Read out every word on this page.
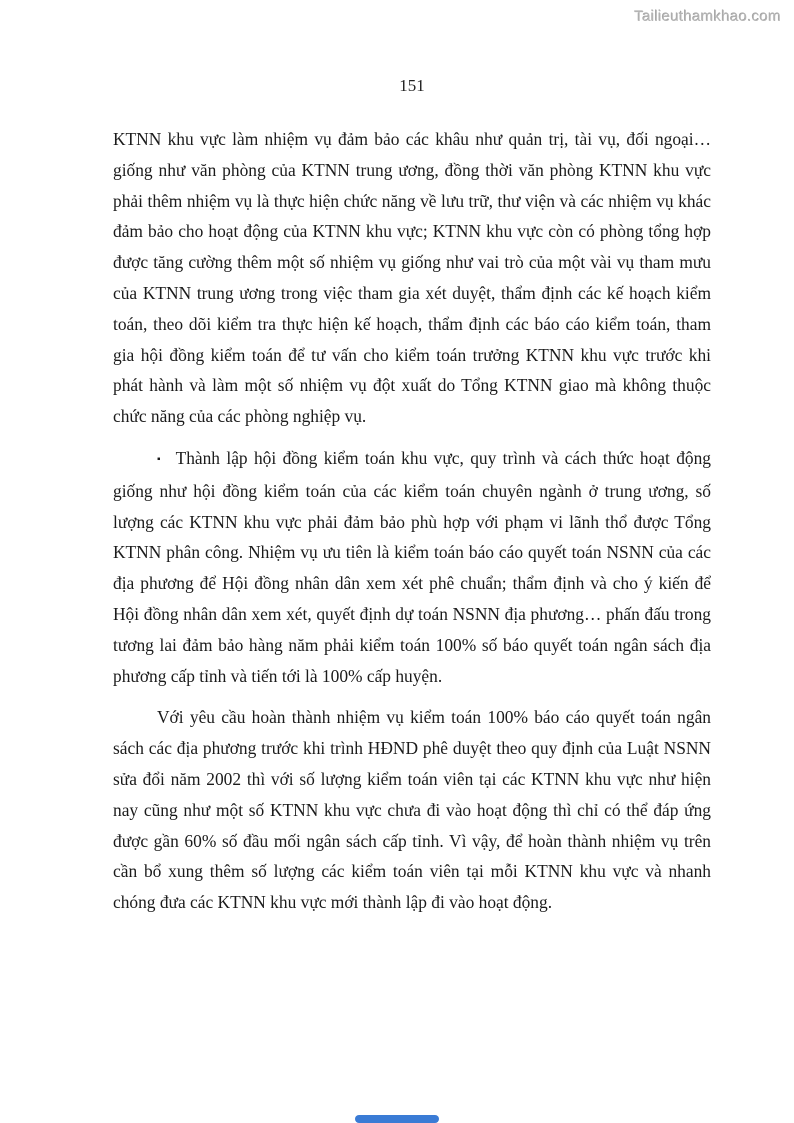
Tailieuthamkhao.com
151

KTNN khu vực làm nhiệm vụ đảm bảo các khâu như quản trị, tài vụ, đối ngoại…giống như văn phòng của KTNN trung ương, đồng thời văn phòng KTNN khu vực phải thêm nhiệm vụ là thực hiện chức năng về lưu trữ, thư viện và các nhiệm vụ khác đảm bảo cho hoạt động của KTNN khu vực; KTNN khu vực còn có phòng tổng hợp được tăng cường thêm một số nhiệm vụ giống như vai trò của một vài vụ tham mưu của KTNN trung ương trong việc tham gia xét duyệt, thẩm định các kế hoạch kiểm toán, theo dõi kiểm tra thực hiện kế hoạch, thẩm định các báo cáo kiểm toán, tham gia hội đồng kiểm toán để tư vấn cho kiểm toán trưởng KTNN khu vực trước khi phát hành và làm một số nhiệm vụ đột xuất do Tổng KTNN giao mà không thuộc chức năng của các phòng nghiệp vụ.

▪ Thành lập hội đồng kiểm toán khu vực, quy trình và cách thức hoạt động giống như hội đồng kiểm toán của các kiểm toán chuyên ngành ở trung ương, số lượng các KTNN khu vực phải đảm bảo phù hợp với phạm vi lãnh thổ được Tổng KTNN phân công. Nhiệm vụ ưu tiên là kiểm toán báo cáo quyết toán NSNN của các địa phương để Hội đồng nhân dân xem xét phê chuẩn; thẩm định và cho ý kiến để Hội đồng nhân dân xem xét, quyết định dự toán NSNN địa phương… phấn đấu trong tương lai đảm bảo hàng năm phải kiểm toán 100% số báo quyết toán ngân sách địa phương cấp tỉnh và tiến tới là 100% cấp huyện.

Với yêu cầu hoàn thành nhiệm vụ kiểm toán 100% báo cáo quyết toán ngân sách các địa phương trước khi trình HĐND phê duyệt theo quy định của Luật NSNN sửa đổi năm 2002 thì với số lượng kiểm toán viên tại các KTNN khu vực như hiện nay cũng như một số KTNN khu vực chưa đi vào hoạt động thì chỉ có thể đáp ứng được gần 60% số đầu mối ngân sách cấp tỉnh. Vì vậy, để hoàn thành nhiệm vụ trên cần bổ xung thêm số lượng các kiểm toán viên tại mỗi KTNN khu vực và nhanh chóng đưa các KTNN khu vực mới thành lập đi vào hoạt động.
